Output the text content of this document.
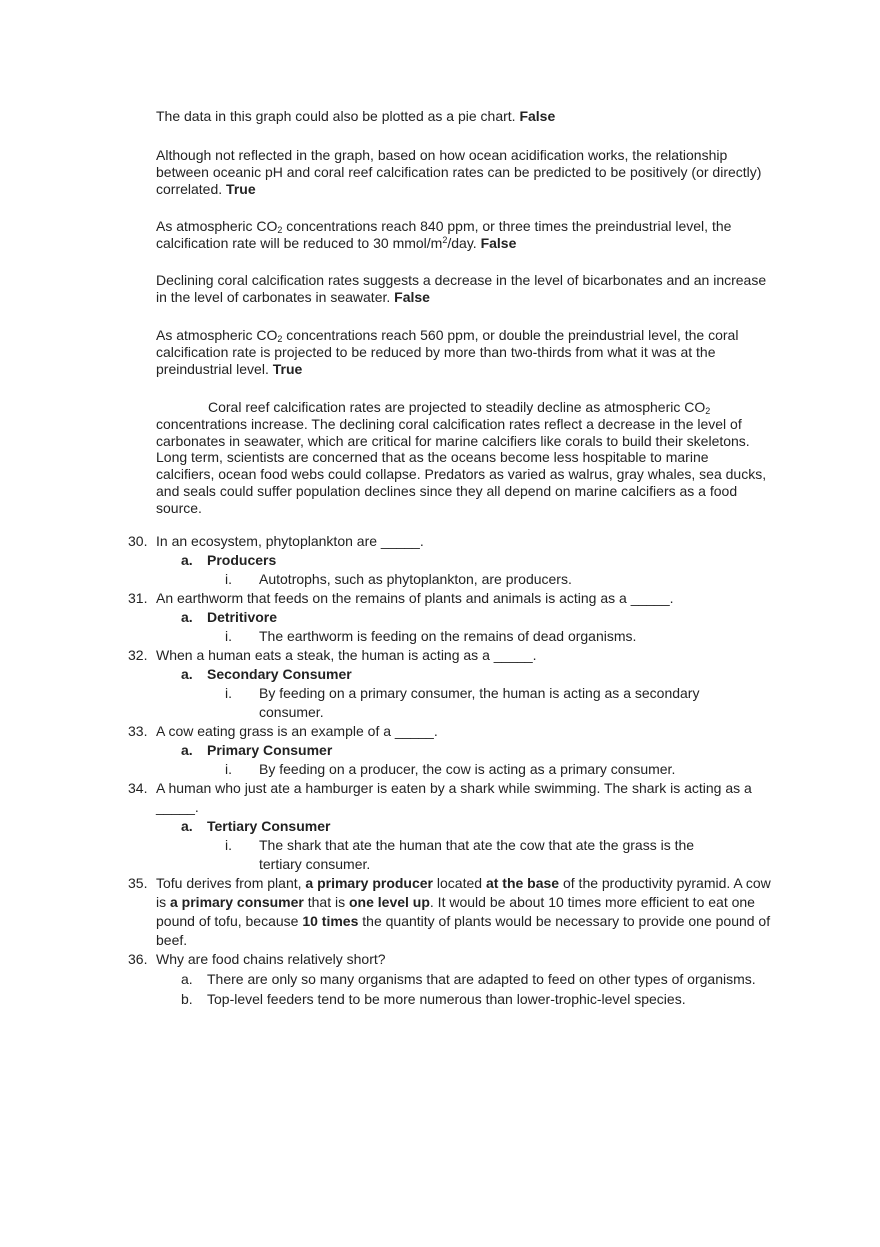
The data in this graph could also be plotted as a pie chart. False

Although not reflected in the graph, based on how ocean acidification works, the relationship between oceanic pH and coral reef calcification rates can be predicted to be positively (or directly) correlated. True

As atmospheric $CO_2$ concentrations reach 840 ppm, or three times the preindustrial level, the calcification rate will be reduced to 30 mmol/$m^2$/day. False

Declining coral calcification rates suggests a decrease in the level of bicarbonates and an increase in the level of carbonates in seawater. False

As atmospheric $CO_2$ concentrations reach 560 ppm, or double the preindustrial level, the coral calcification rate is projected to be reduced by more than two-thirds from what it was at the preindustrial level. True

Coral reef calcification rates are projected to steadily decline as atmospheric $CO_2$ concentrations increase. The declining coral calcification rates reflect a decrease in the level of carbonates in seawater, which are critical for marine calcifiers like corals to build their skeletons. Long term, scientists are concerned that as the oceans become less hospitable to marine calcifiers, ocean food webs could collapse. Predators as varied as walrus, gray whales, sea ducks, and seals could suffer population declines since they all depend on marine calcifiers as a food source.

30. In an ecosystem, phytoplankton are _____.
a. Producers
i. Autotrophs, such as phytoplankton, are producers.
31. An earthworm that feeds on the remains of plants and animals is acting as a _____.
a. Detritivore
i. The earthworm is feeding on the remains of dead organisms.
32. When a human eats a steak, the human is acting as a _____.
a. Secondary Consumer
i. By feeding on a primary consumer, the human is acting as a secondary consumer.
33. A cow eating grass is an example of a _____.
a. Primary Consumer
i. By feeding on a producer, the cow is acting as a primary consumer.
34. A human who just ate a hamburger is eaten by a shark while swimming. The shark is acting as a _____.
a. Tertiary Consumer
i. The shark that ate the human that ate the cow that ate the grass is the tertiary consumer.
35. Tofu derives from plant, a primary producer located at the base of the productivity pyramid. A cow is a primary consumer that is one level up. It would be about 10 times more efficient to eat one pound of tofu, because 10 times the quantity of plants would be necessary to provide one pound of beef.
36. Why are food chains relatively short?
a. There are only so many organisms that are adapted to feed on other types of organisms.
b. Top-level feeders tend to be more numerous than lower-trophic-level species.
